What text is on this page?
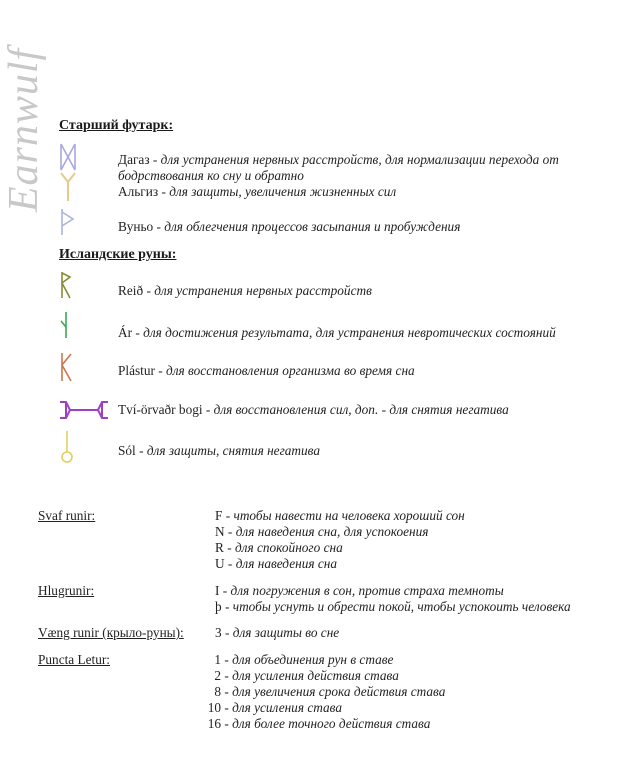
Earnwulf Старший футарк:
Дагаз - для устранения нервных расстройств, для нормализации перехода от бодрствования ко сну и обратно
Альгиз - для защиты, увеличения жизненных сил
Вуньо - для облегчения процессов засыпания и пробуждения
Исландские руны:
Reið - для устранения нервных расстройств
Ár - для достижения результата, для устранения невротических состояний
Plástur - для восстановления организма во время сна
Tví-örvaðr bogi - для восстановления сил, доп. - для снятия негатива
Sól - для защиты, снятия негатива
Svaf runir:	F - чтобы навести на человека хороший сон
N - для наведения сна, для успокоения
R - для спокойного сна
U - для наведения сна
Hlugrunir:	I - для погружения в сон, против страха темноты
þ - чтобы уснуть и обрести покой, чтобы успокоить человека
Væng runir (крыло-руны): 3 - для защиты во сне
Puncta Letur:	1 - для объединения рун в ставе
2 - для усиления действия става
8 - для увеличения срока действия става
10 - для усиления става
16 - для более точного действия става
